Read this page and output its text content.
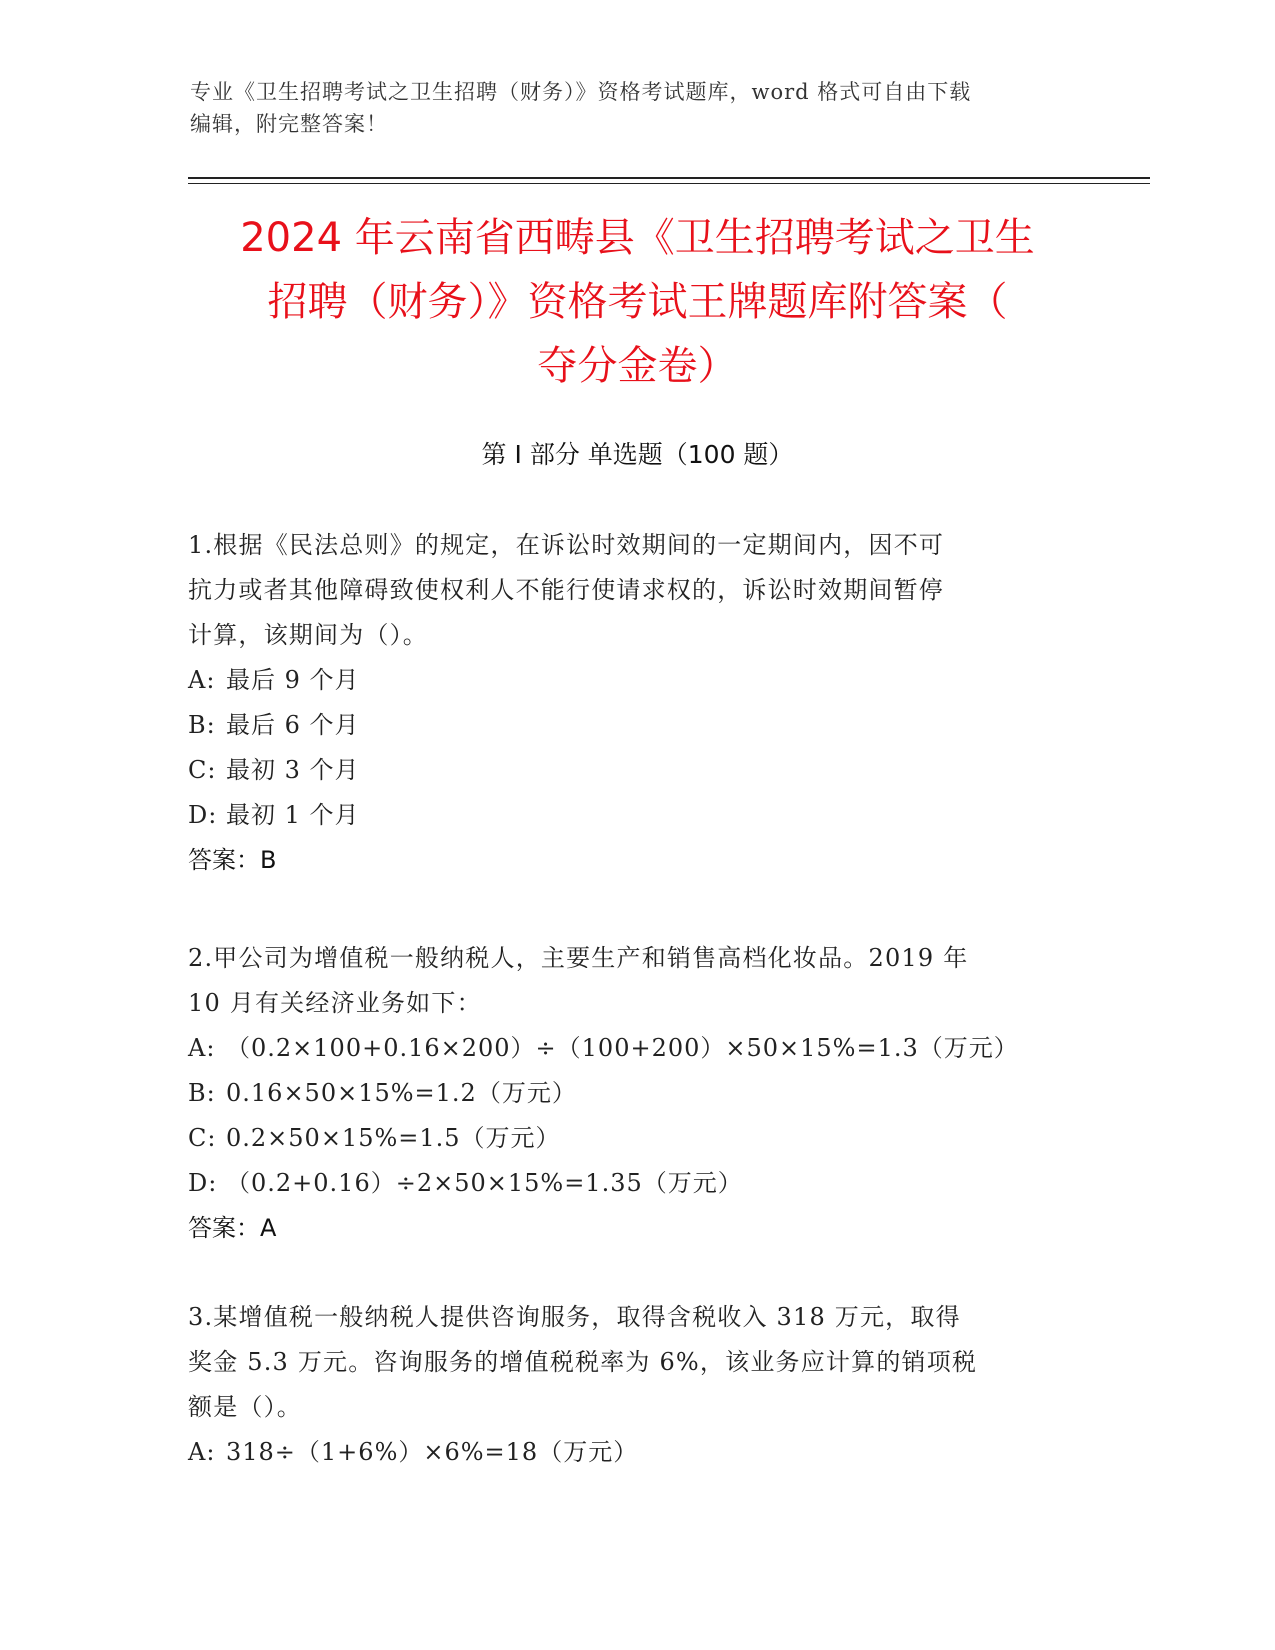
专业《卫生招聘考试之卫生招聘（财务）》资格考试题库，word 格式可自由下载
编辑，附完整答案！
2024 年云南省西畴县《卫生招聘考试之卫生
招聘（财务）》资格考试王牌题库附答案（
夺分金卷）
第 I 部分 单选题（100 题）
1.根据《民法总则》的规定，在诉讼时效期间的一定期间内，因不可
抗力或者其他障碍致使权利人不能行使请求权的，诉讼时效期间暂停
计算，该期间为（）。
A: 最后 9 个月
B: 最后 6 个月
C: 最初 3 个月
D: 最初 1 个月
答案：B
2.甲公司为增值税一般纳税人，主要生产和销售高档化妆品。2019 年
10 月有关经济业务如下：
A: （0.2×100+0.16×200）÷（100+200）×50×15%=1.3（万元）
B: 0.16×50×15%=1.2（万元）
C: 0.2×50×15%=1.5（万元）
D: （0.2+0.16）÷2×50×15%=1.35（万元）
答案：A
3.某增值税一般纳税人提供咨询服务，取得含税收入 318 万元，取得
奖金 5.3 万元。咨询服务的增值税税率为 6%，该业务应计算的销项税
额是（）。
A: 318÷（1+6%）×6%=18（万元）
